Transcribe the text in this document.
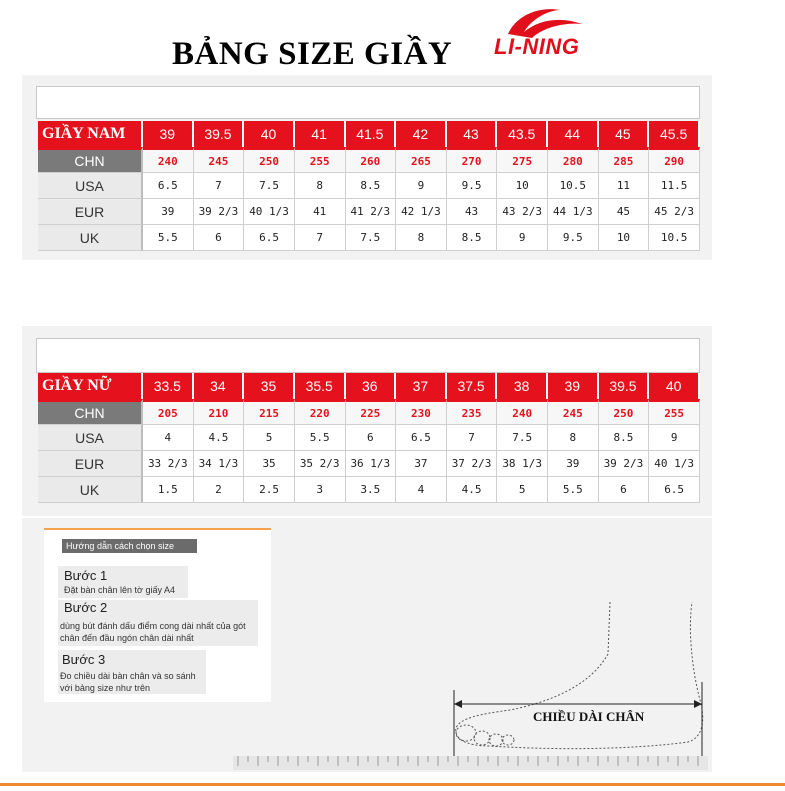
BẢNG SIZE GIẦY LI-NING
GIẦY NAM	39	39.5	40	41	41.5	42	43	43.5	44	45	45.5
CHN	240	245	250	255	260	265	270	275	280	285	290
USA	6.5	7	7.5	8	8.5	9	9.5	10	10.5	11	11.5
EUR	39	39 2/3	40 1/3	41	41 2/3	42 1/3	43	43 2/3	44 1/3	45	45 2/3
UK	5.5	6	6.5	7	7.5	8	8.5	9	9.5	10	10.5
GIẦY NỮ	33.5	34	35	35.5	36	37	37.5	38	39	39.5	40
CHN	205	210	215	220	225	230	235	240	245	250	255
USA	4	4.5	5	5.5	6	6.5	7	7.5	8	8.5	9
EUR	33 2/3	34 1/3	35	35 2/3	36 1/3	37	37 2/3	38 1/3	39	39 2/3	40 1/3
UK	1.5	2	2.5	3	3.5	4	4.5	5	5.5	6	6.5
Hướng dẫn cách chọn size
Bước 1
Đặt bàn chân lên tờ giấy A4
Bước 2
dùng bút đánh dấu điểm cong dài nhất của gót chân đến đầu ngón chân dài nhất
Bước 3
Đo chiều dài bàn chân và so sánh với bảng size như trên
CHIỀU DÀI CHÂN
